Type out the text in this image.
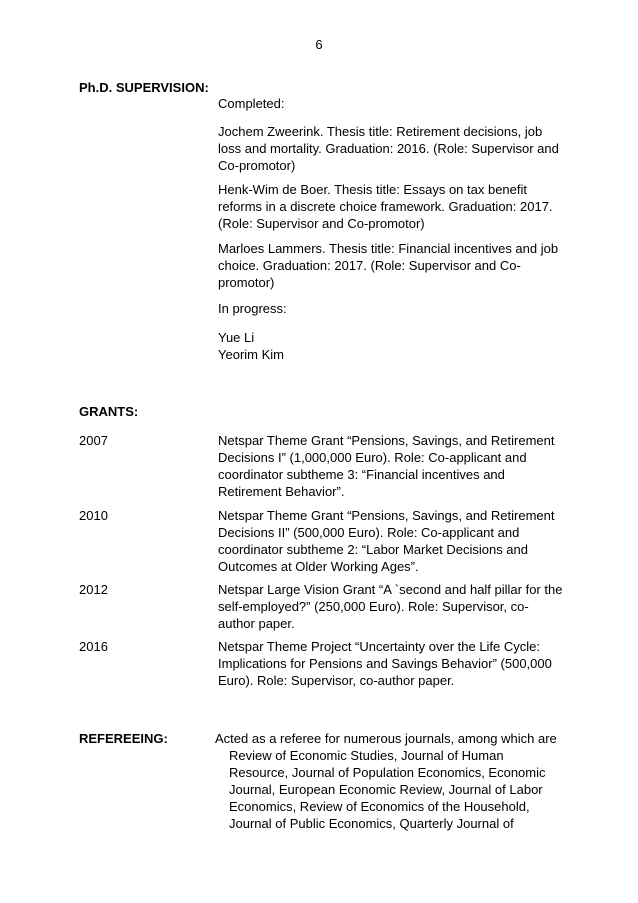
6
Ph.D. SUPERVISION:
Completed:
Jochem Zweerink. Thesis title: Retirement decisions, job
loss and mortality. Graduation: 2016. (Role: Supervisor and
Co-promotor)
Henk-Wim de Boer. Thesis title: Essays on tax benefit
reforms in a discrete choice framework. Graduation: 2017.
(Role: Supervisor and Co-promotor)
Marloes Lammers. Thesis title: Financial incentives and job
choice. Graduation: 2017. (Role: Supervisor and Co-
promotor)
In progress:
Yue Li
Yeorim Kim
GRANTS:
2007	Netspar Theme Grant “Pensions, Savings, and Retirement
Decisions I” (1,000,000 Euro). Role: Co-applicant and
coordinator subtheme 3: “Financial incentives and
Retirement Behavior”.
2010	Netspar Theme Grant “Pensions, Savings, and Retirement
Decisions II” (500,000 Euro). Role: Co-applicant and
coordinator subtheme 2: “Labor Market Decisions and
Outcomes at Older Working Ages”.
2012	Netspar Large Vision Grant “A `second and half pillar for the
self-employed?” (250,000 Euro). Role: Supervisor, co-
author paper.
2016	Netspar Theme Project “Uncertainty over the Life Cycle:
Implications for Pensions and Savings Behavior” (500,000
Euro). Role: Supervisor, co-author paper.
REFEREEING:	Acted as a referee for numerous journals, among which are
Review of Economic Studies, Journal of Human
Resource, Journal of Population Economics, Economic
Journal, European Economic Review, Journal of Labor
Economics, Review of Economics of the Household,
Journal of Public Economics, Quarterly Journal of
